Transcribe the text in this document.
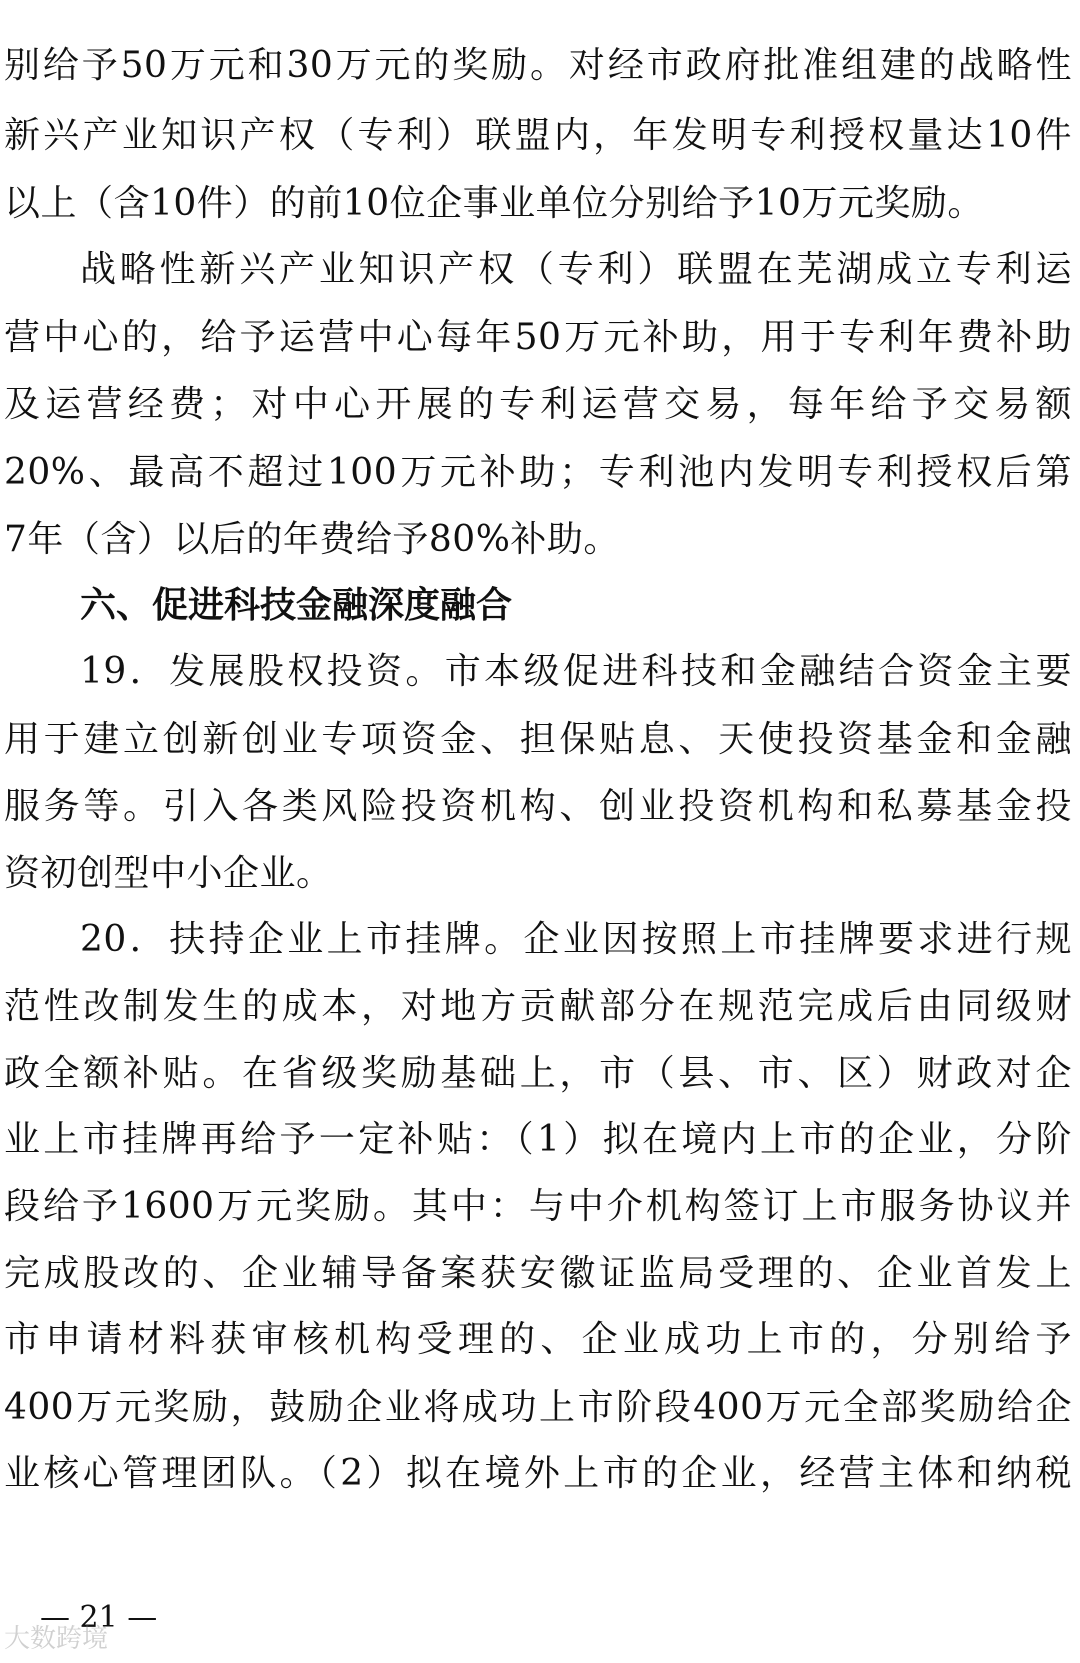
别给予50万元和30万元的奖励。对经市政府批准组建的战略性
新兴产业知识产权（专利）联盟内，年发明专利授权量达10件
以上（含10件）的前10位企事业单位分别给予10万元奖励。
战略性新兴产业知识产权（专利）联盟在芜湖成立专利运
营中心的，给予运营中心每年50万元补助，用于专利年费补助
及运营经费；对中心开展的专利运营交易，每年给予交易额
20%、最高不超过100万元补助；专利池内发明专利授权后第
7年（含）以后的年费给予80%补助。
六、促进科技金融深度融合
19．发展股权投资。市本级促进科技和金融结合资金主要
用于建立创新创业专项资金、担保贴息、天使投资基金和金融
服务等。引入各类风险投资机构、创业投资机构和私募基金投
资初创型中小企业。
20．扶持企业上市挂牌。企业因按照上市挂牌要求进行规
范性改制发生的成本，对地方贡献部分在规范完成后由同级财
政全额补贴。在省级奖励基础上，市（县、市、区）财政对企
业上市挂牌再给予一定补贴：（1）拟在境内上市的企业，分阶
段给予1600万元奖励。其中：与中介机构签订上市服务协议并
完成股改的、企业辅导备案获安徽证监局受理的、企业首发上
市申请材料获审核机构受理的、企业成功上市的，分别给予
400万元奖励，鼓励企业将成功上市阶段400万元全部奖励给企
业核心管理团队。（2）拟在境外上市的企业，经营主体和纳税
— 21 —
大数跨境
